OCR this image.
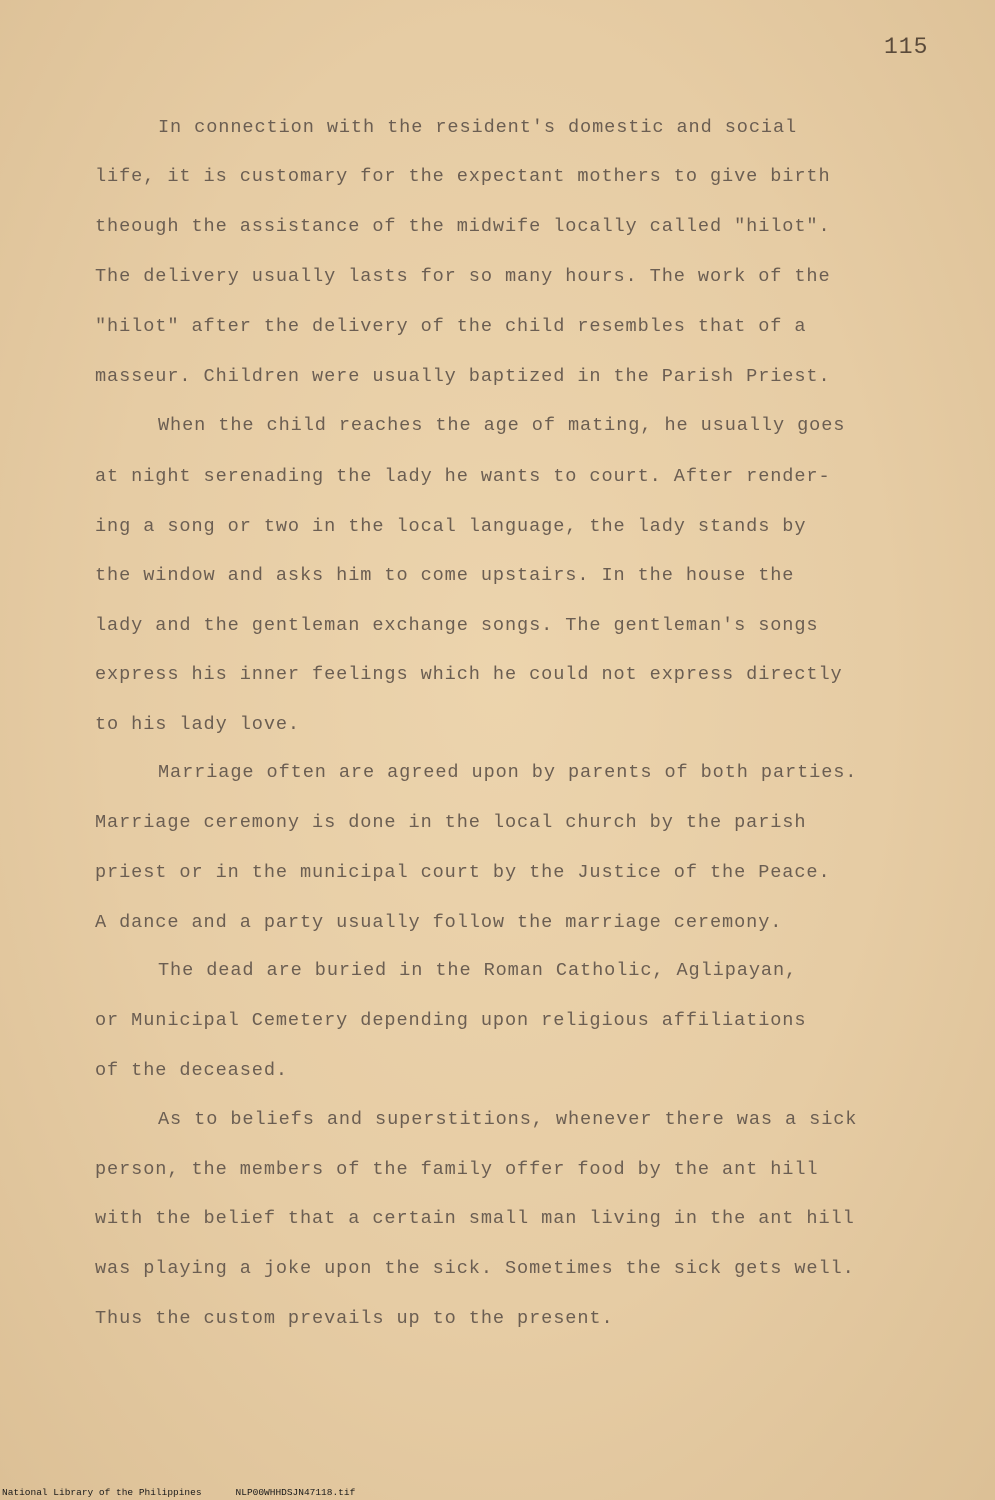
115
In connection with the resident's domestic and social
life, it is customary for the expectant mothers to give birth
theough the assistance of the midwife locally called "hilot".
The delivery usually lasts for so many hours. The work of the
"hilot" after the delivery of the child resembles that of a
masseur. Children were usually baptized in the Parish Priest.
When the child reaches the age of mating, he usually goes
at night serenading the lady he wants to court. After render-
ing a song or two in the local language, the lady stands by
the window and asks him to come upstairs. In the house the
lady and the gentleman exchange songs. The gentleman's songs
express his inner feelings which he could not express directly
to his lady love.
Marriage often are agreed upon by parents of both parties.
Marriage ceremony is done in the local church by the parish
priest or in the municipal court by the Justice of the Peace.
A dance and a party usually follow the marriage ceremony.
The dead are buried in the Roman Catholic, Aglipayan,
or Municipal Cemetery depending upon religious affiliations
of the deceased.
As to beliefs and superstitions, whenever there was a sick
person, the members of the family offer food by the ant hill
with the belief that a certain small man living in the ant hill
was playing a joke upon the sick. Sometimes the sick gets well.
Thus the custom prevails up to the present.
National Library of the Philippines	NLP00WHHDSJN47118.tif
